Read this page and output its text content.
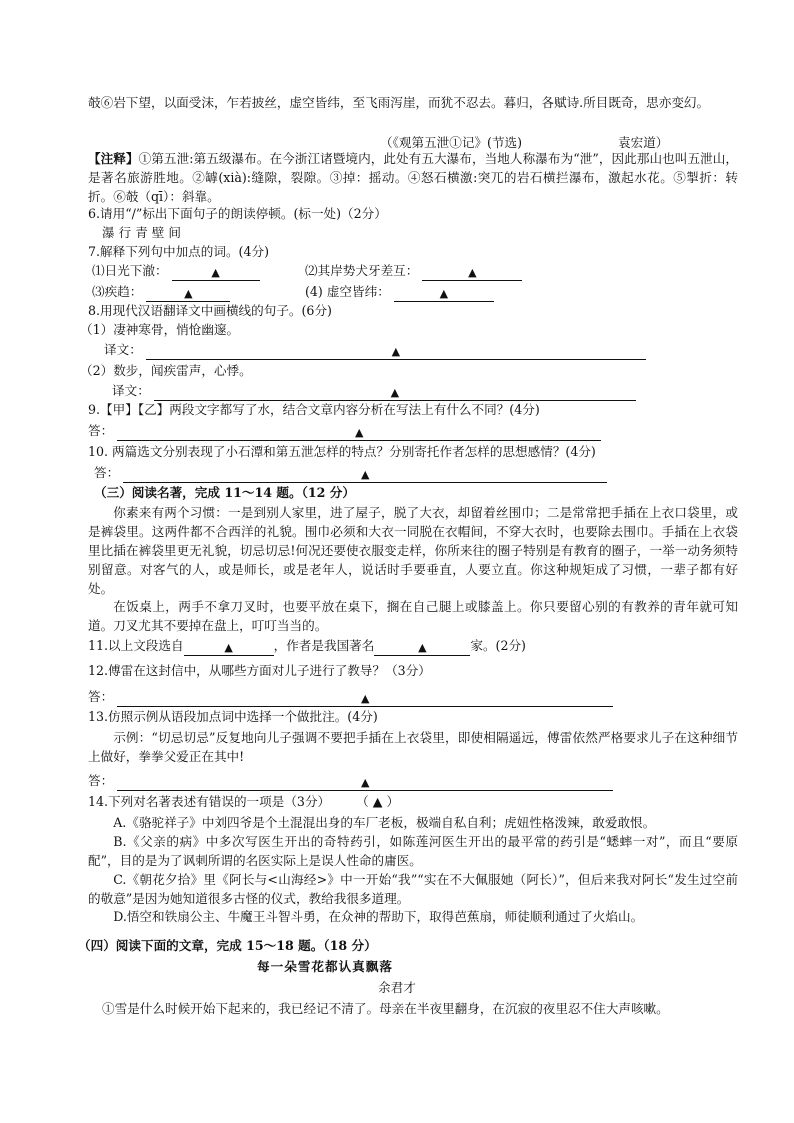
攲⑥岩下望，以面受沫，乍若披丝，虚空皆纬，至飞雨泻崖，而犹不忍去。暮归，各赋诗.所目既奇，思亦变幻。

（《观第五泄①记》(节选)	袁宏道）

【注释】①第五泄:第五级瀑布。在今浙江诸暨境内，此处有五大瀑布，当地人称瀑布为“泄”，因此那山也叫五泄山，是著名旅游胜地。②罅(xià):缝隙，裂隙。③掉：摇动。④怒石横激:突兀的岩石横拦瀑布，激起水花。⑤掣折：转折。⑥攲（qī）：斜靠。

6.请用“/”标出下面句子的朗读停顿。(标一处)（2分）
瀑 行 青 壁 间
7.解释下列句中加点的词。(4分)
⑴日光下澈：	▲	⑵其岸势犬牙差互：	▲
⑶疾趋：	▲	(4) 虚空皆纬：	▲
8.用现代汉语翻译文中画横线的句子。(6分)
（1）凄神寒骨，悄怆幽邃。
译文：	▲
（2）数步，闻疾雷声，心悸。
译文：	▲
9.【甲】【乙】两段文字都写了水，结合文章内容分析在写法上有什么不同？(4分)
答：	▲
10. 两篇选文分别表现了小石潭和第五泄怎样的特点？分别寄托作者怎样的思想感情？(4分)
答：	▲
（三）阅读名著，完成 11～14 题。（12 分）

你素来有两个习惯：一是到别人家里，进了屋子，脱了大衣，却留着丝围巾；二是常常把手插在上衣口袋里，或是裤袋里。这两件都不合西洋的礼貌。围巾必须和大衣一同脱在衣帽间，不穿大衣时，也要除去围巾。手插在上衣袋里比插在裤袋里更无礼貌，切忌切忌!何况还要使衣服变走样，你所来往的圈子特别是有教育的圈子，一举一动务须特别留意。对客气的人，或是师长，或是老年人，说话时手要垂直，人要立直。你这种规矩成了习惯，一辈子都有好处。

在饭桌上，两手不拿刀叉时，也要平放在桌下，搁在自己腿上或膝盖上。你只要留心别的有教养的青年就可知道。刀叉尤其不要掉在盘上，叮叮当当的。

11.以上文段选自	▲	，作者是我国著名	▲	家。(2分)
12.傅雷在这封信中，从哪些方面对儿子进行了教导？（3分）
答：	▲
13.仿照示例从语段加点词中选择一个做批注。(4分)

示例：“切忌切忌”反复地向儿子强调不要把手插在上衣袋里，即使相隔遥远，傅雷依然严格要求儿子在这种细节上做好，拳拳父爱正在其中!

答：	▲
14.下列对名著表述有错误的一项是（3分） （ ▲ ）

A.《骆驼祥子》中刘四爷是个土混混出身的车厂老板，极端自私自利；虎妞性格泼辣，敢爱敢恨。

B.《父亲的病》中多次写医生开出的奇特药引，如陈莲河医生开出的最平常的药引是“蟋蟀一对”，而且“要原配”，目的是为了讽刺所谓的名医实际上是误人性命的庸医。

C.《朝花夕拾》里《阿长与<山海经>》中一开始“我”“实在不大佩服她（阿长）”，但后来我对阿长“发生过空前的敬意”是因为她知道很多古怪的仪式，教给我很多道理。

D.悟空和铁扇公主、牛魔王斗智斗勇，在众神的帮助下，取得芭蕉扇，师徒顺利通过了火焰山。

（四）阅读下面的文章，完成 15～18 题。（18 分）
每一朵雪花都认真飘落
余君才

①雪是什么时候开始下起来的，我已经记不清了。母亲在半夜里翻身，在沉寂的夜里忍不住大声咳嗽。
